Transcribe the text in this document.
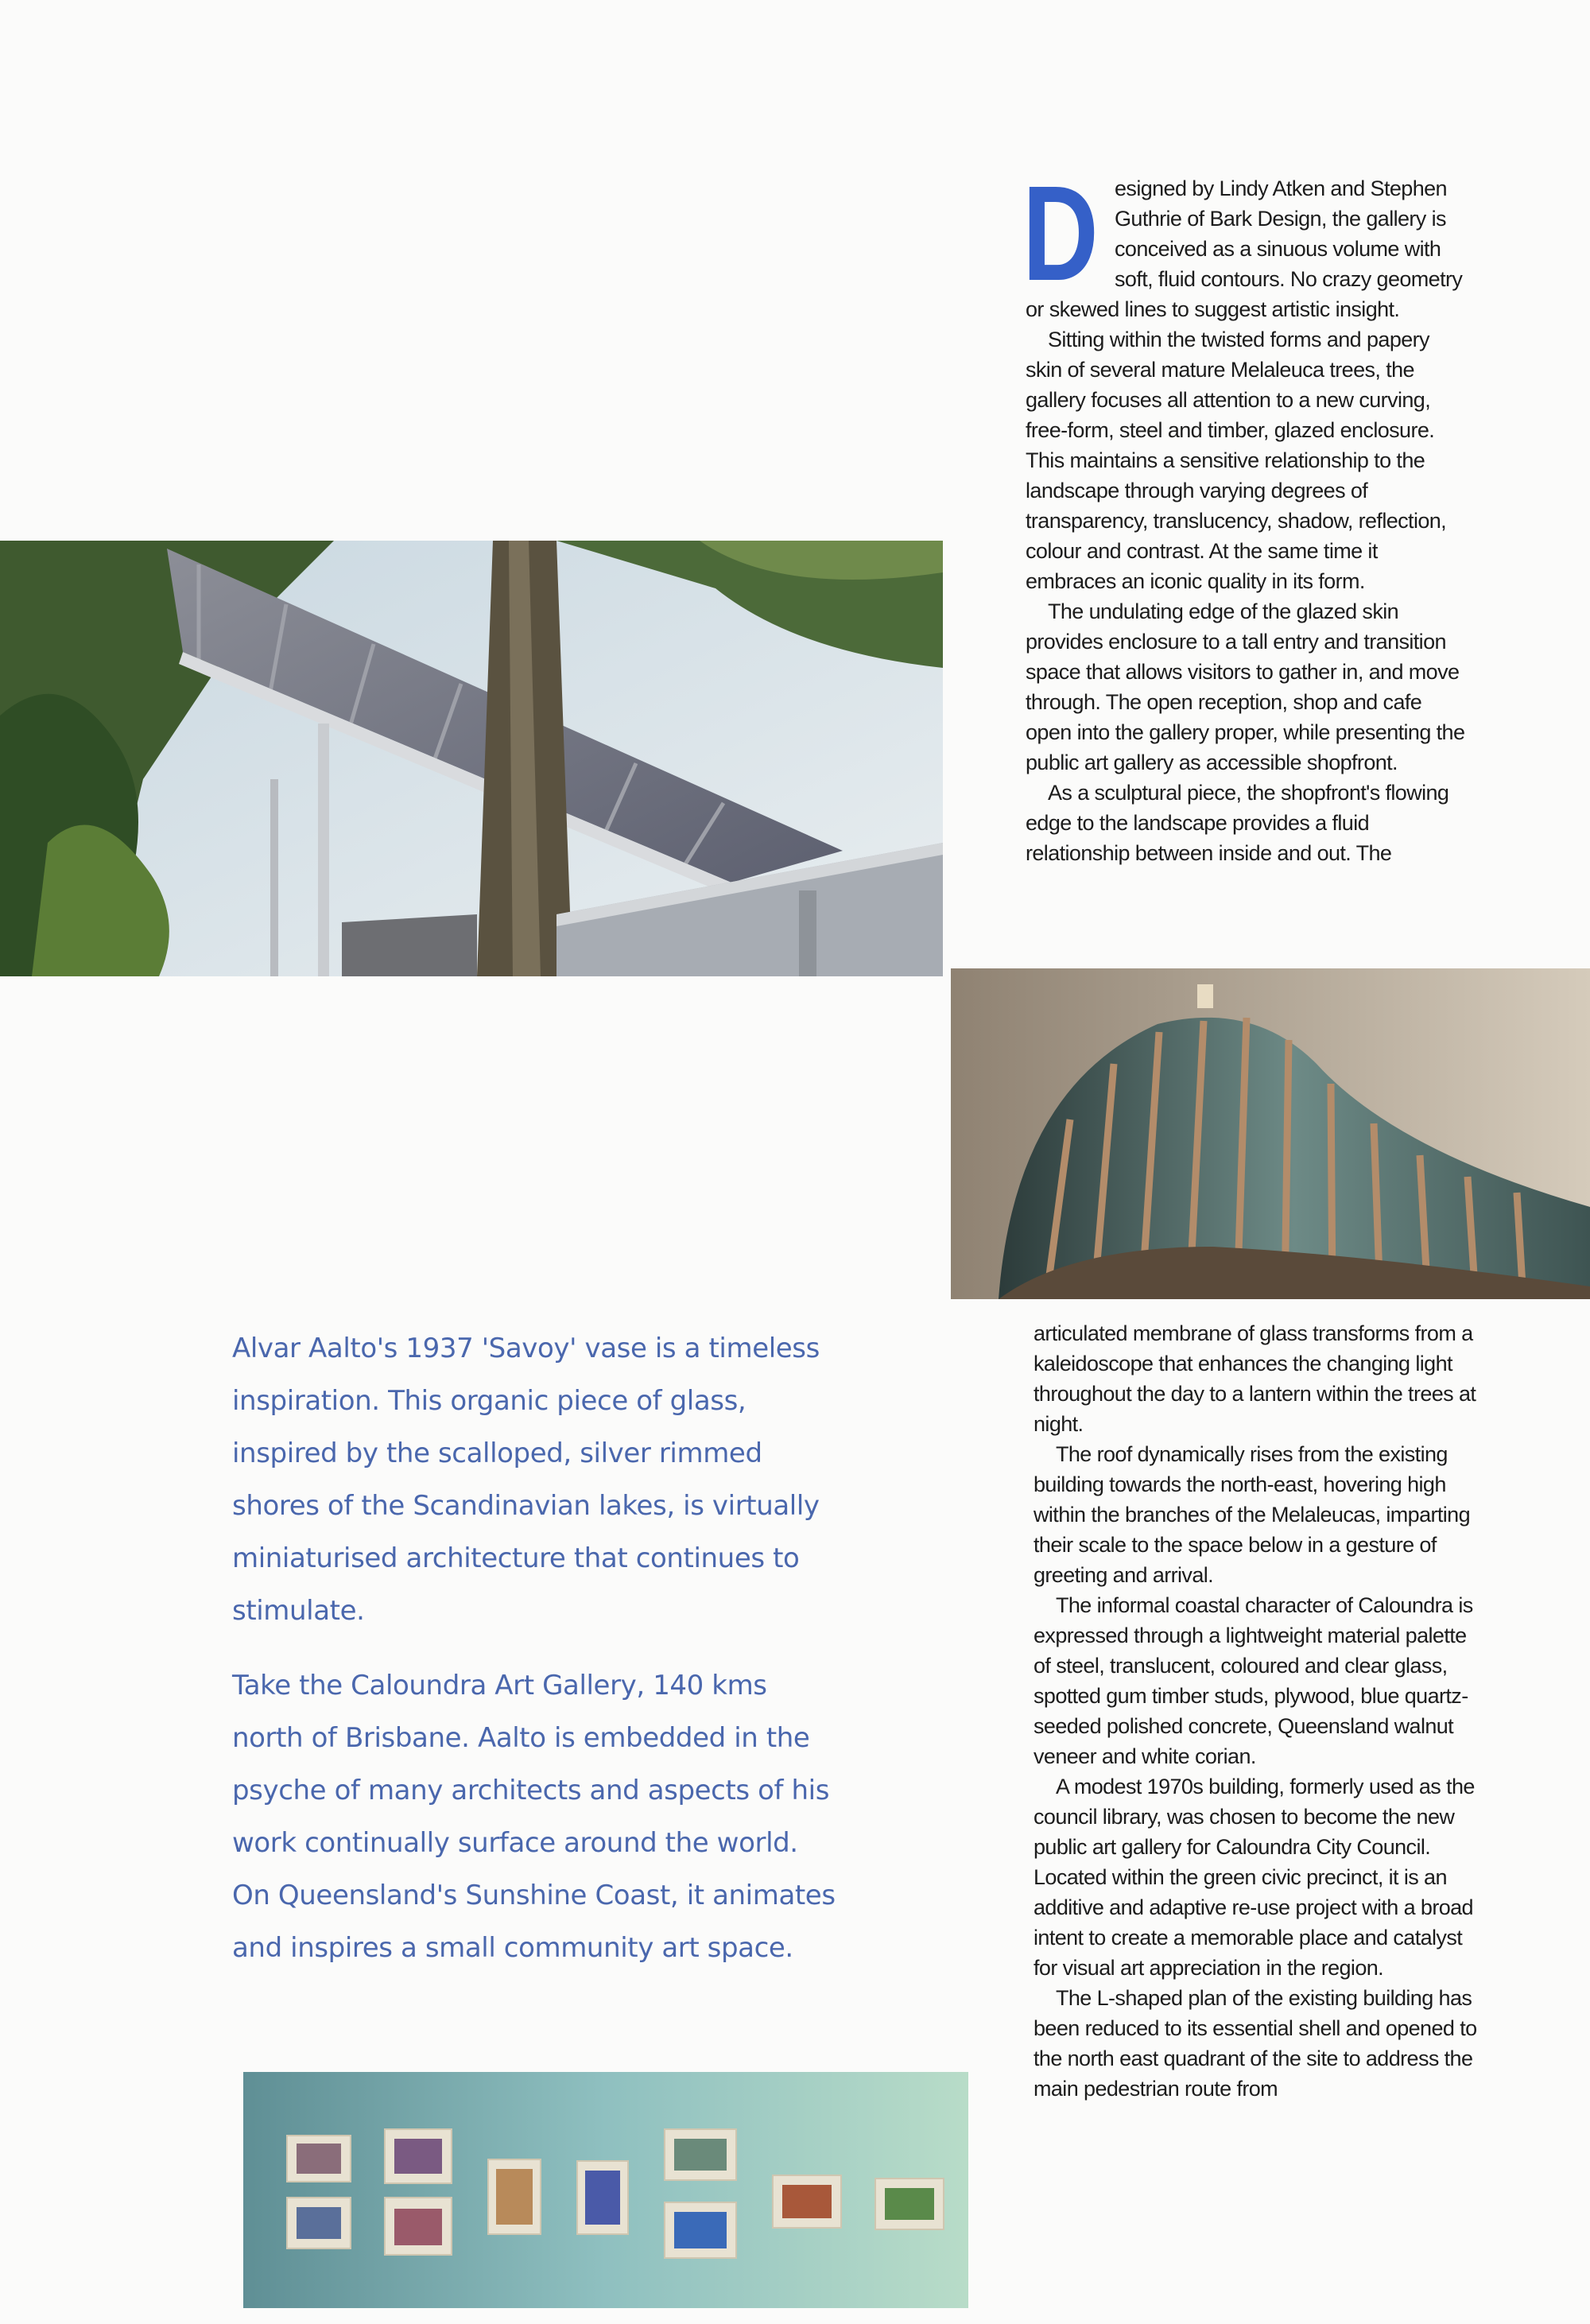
D esigned by Lindy Atken and Stephen Guthrie of Bark Design, the gallery is conceived as a sinuous volume with soft, fluid contours. No crazy geometry or skewed lines to suggest artistic insight.

Sitting within the twisted forms and papery skin of several mature Melaleuca trees, the gallery focuses all attention to a new curving, free-form, steel and timber, glazed enclosure. This maintains a sensitive relationship to the landscape through varying degrees of transparency, translucency, shadow, reflection, colour and contrast. At the same time it embraces an iconic quality in its form.

The undulating edge of the glazed skin provides enclosure to a tall entry and transition space that allows visitors to gather in, and move through. The open reception, shop and cafe open into the gallery proper, while presenting the public art gallery as accessible shopfront.

As a sculptural piece, the shopfront's flowing edge to the landscape provides a fluid relationship between inside and out. The

Alvar Aalto's 1937 'Savoy' vase is a timeless inspiration. This organic piece of glass, inspired by the scalloped, silver rimmed shores of the Scandinavian lakes, is virtually miniaturised architecture that continues to stimulate.

Take the Caloundra Art Gallery, 140 kms north of Brisbane. Aalto is embedded in the psyche of many architects and aspects of his work continually surface around the world. On Queensland's Sunshine Coast, it animates and inspires a small community art space.

articulated membrane of glass transforms from a kaleidoscope that enhances the changing light throughout the day to a lantern within the trees at night.

The roof dynamically rises from the existing building towards the north-east, hovering high within the branches of the Melaleucas, imparting their scale to the space below in a gesture of greeting and arrival.

The informal coastal character of Caloundra is expressed through a lightweight material palette of steel, translucent, coloured and clear glass, spotted gum timber studs, plywood, blue quartz-seeded polished concrete, Queensland walnut veneer and white corian.

A modest 1970s building, formerly used as the council library, was chosen to become the new public art gallery for Caloundra City Council. Located within the green civic precinct, it is an additive and adaptive re-use project with a broad intent to create a memorable place and catalyst for visual art appreciation in the region.

The L-shaped plan of the existing building has been reduced to its essential shell and opened to the north east quadrant of the site to address the main pedestrian route from
